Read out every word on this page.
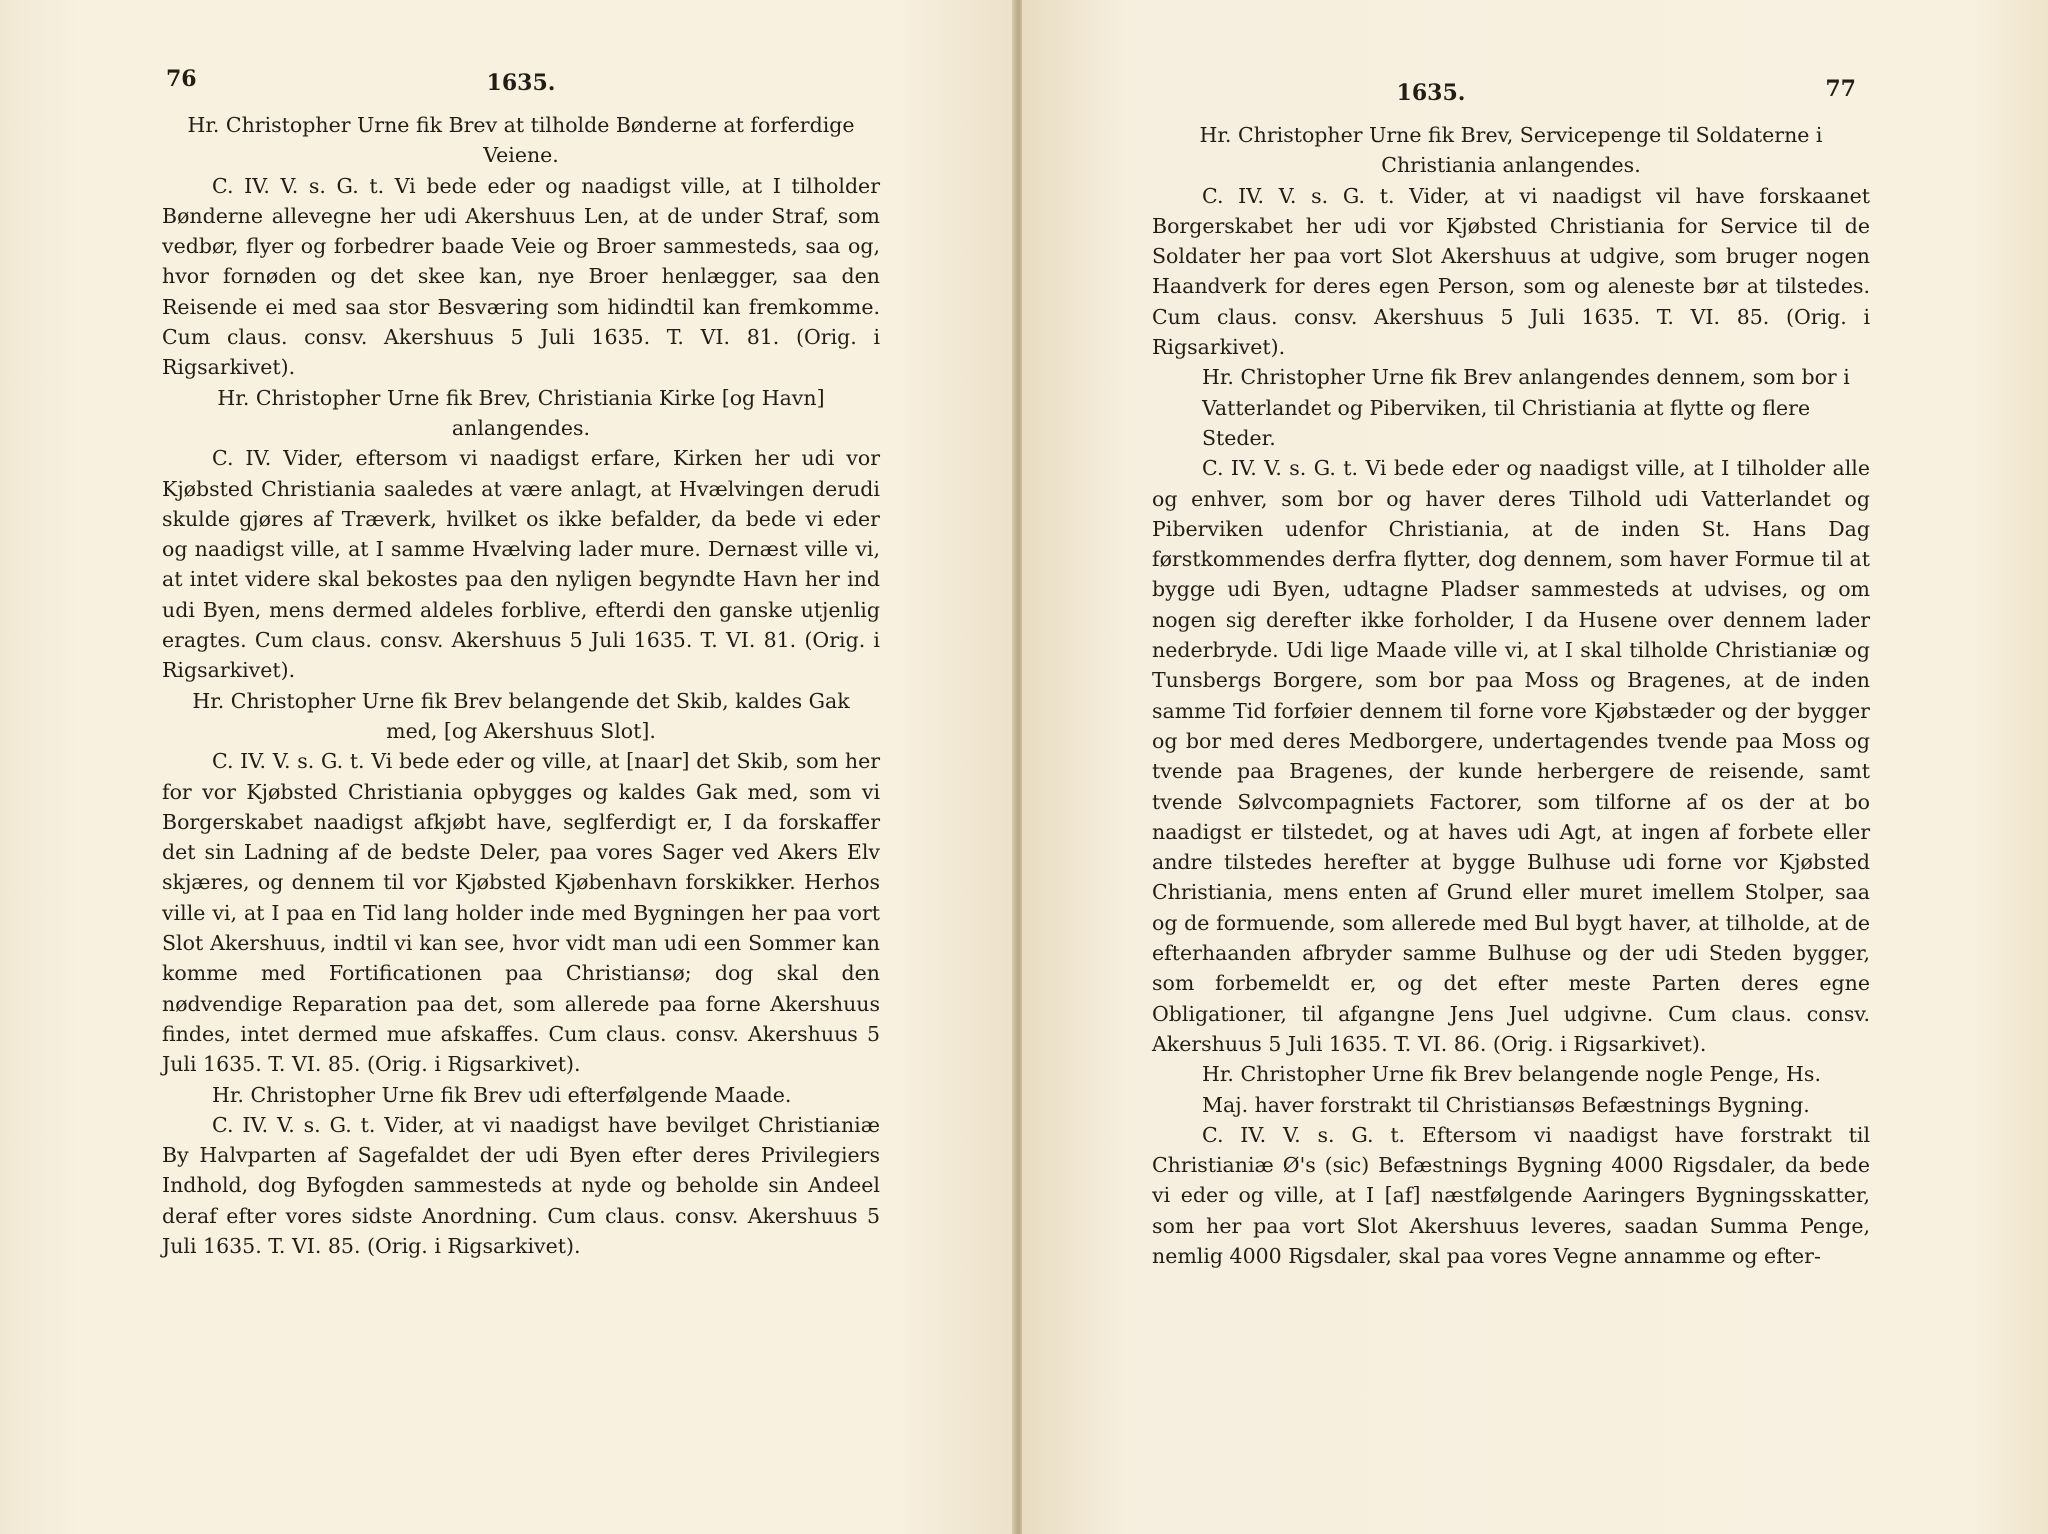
76	1635.

Hr. Christopher Urne fik Brev at tilholde Bønderne at forferdige Veiene.

C. IV. V. s. G. t. Vi bede eder og naadigst ville, at I tilholder Bønderne allevegne her udi Akershuus Len, at de under Straf, som vedbør, flyer og forbedrer baade Veie og Broer sammesteds, saa og, hvor fornøden og det skee kan, nye Broer henlægger, saa den Reisende ei med saa stor Besværing som hidindtil kan fremkomme. Cum claus. consv. Akershuus 5 Juli 1635. T. VI. 81. (Orig. i Rigsarkivet).

Hr. Christopher Urne fik Brev, Christiania Kirke [og Havn] anlangendes.

C. IV. Vider, eftersom vi naadigst erfare, Kirken her udi vor Kjøbsted Christiania saaledes at være anlagt, at Hvælvingen derudi skulde gjøres af Træverk, hvilket os ikke befalder, da bede vi eder og naadigst ville, at I samme Hvælving lader mure. Dernæst ville vi, at intet videre skal bekostes paa den nyligen begyndte Havn her ind udi Byen, mens dermed aldeles forblive, efterdi den ganske utjenlig eragtes. Cum claus. consv. Akershuus 5 Juli 1635. T. VI. 81. (Orig. i Rigsarkivet).

Hr. Christopher Urne fik Brev belangende det Skib, kaldes Gak med, [og Akershuus Slot].

C. IV. V. s. G. t. Vi bede eder og ville, at [naar] det Skib, som her for vor Kjøbsted Christiania opbygges og kaldes Gak med, som vi Borgerskabet naadigst afkjøbt have, seglferdigt er, I da forskaffer det sin Ladning af de bedste Deler, paa vores Sager ved Akers Elv skjæres, og dennem til vor Kjøbsted Kjøbenhavn forskikker. Herhos ville vi, at I paa en Tid lang holder inde med Bygningen her paa vort Slot Akershuus, indtil vi kan see, hvor vidt man udi een Sommer kan komme med Fortificationen paa Christiansø; dog skal den nødvendige Reparation paa det, som allerede paa forne Akershuus findes, intet dermed mue afskaffes. Cum claus. consv. Akershuus 5 Juli 1635. T. VI. 85. (Orig. i Rigsarkivet).

Hr. Christopher Urne fik Brev udi efterfølgende Maade.

C. IV. V. s. G. t. Vider, at vi naadigst have bevilget Christianiæ By Halvparten af Sagefaldet der udi Byen efter deres Privilegiers Indhold, dog Byfogden sammesteds at nyde og beholde sin Andeel deraf efter vores sidste Anordning. Cum claus. consv. Akershuus 5 Juli 1635. T. VI. 85. (Orig. i Rigsarkivet).

1635.	77

Hr. Christopher Urne fik Brev, Servicepenge til Soldaterne i Christiania anlangendes.

C. IV. V. s. G. t. Vider, at vi naadigst vil have forskaanet Borgerskabet her udi vor Kjøbsted Christiania for Service til de Soldater her paa vort Slot Akershuus at udgive, som bruger nogen Haandverk for deres egen Person, som og aleneste bør at tilstedes. Cum claus. consv. Akershuus 5 Juli 1635. T. VI. 85. (Orig. i Rigsarkivet).

Hr. Christopher Urne fik Brev anlangendes dennem, som bor i Vatterlandet og Piberviken, til Christiania at flytte og flere Steder.

C. IV. V. s. G. t. Vi bede eder og naadigst ville, at I tilholder alle og enhver, som bor og haver deres Tilhold udi Vatterlandet og Piberviken udenfor Christiania, at de inden St. Hans Dag førstkommendes derfra flytter, dog dennem, som haver Formue til at bygge udi Byen, udtagne Pladser sammesteds at udvises, og om nogen sig derefter ikke forholder, I da Husene over dennem lader nederbryde. Udi lige Maade ville vi, at I skal tilholde Christianiæ og Tunsbergs Borgere, som bor paa Moss og Bragenes, at de inden samme Tid forføier dennem til forne vore Kjøbstæder og der bygger og bor med deres Medborgere, undertagendes tvende paa Moss og tvende paa Bragenes, der kunde herbergere de reisende, samt tvende Sølvcompagniets Factorer, som tilforne af os der at bo naadigst er tilstedet, og at haves udi Agt, at ingen af forbete eller andre tilstedes herefter at bygge Bulhuse udi forne vor Kjøbsted Christiania, mens enten af Grund eller muret imellem Stolper, saa og de formuende, som allerede med Bul bygt haver, at tilholde, at de efterhaanden afbryder samme Bulhuse og der udi Steden bygger, som forbemeldt er, og det efter meste Parten deres egne Obligationer, til afgangne Jens Juel udgivne. Cum claus. consv. Akershuus 5 Juli 1635. T. VI. 86. (Orig. i Rigsarkivet).

Hr. Christopher Urne fik Brev belangende nogle Penge, Hs. Maj. haver forstrakt til Christiansøs Befæstnings Bygning.

C. IV. V. s. G. t. Eftersom vi naadigst have forstrakt til Christianiæ Ø's (sic) Befæstnings Bygning 4000 Rigsdaler, da bede vi eder og ville, at I [af] næstfølgende Aaringers Bygningsskatter, som her paa vort Slot Akershuus leveres, saadan Summa Penge, nemlig 4000 Rigsdaler, skal paa vores Vegne annamme og efter-
